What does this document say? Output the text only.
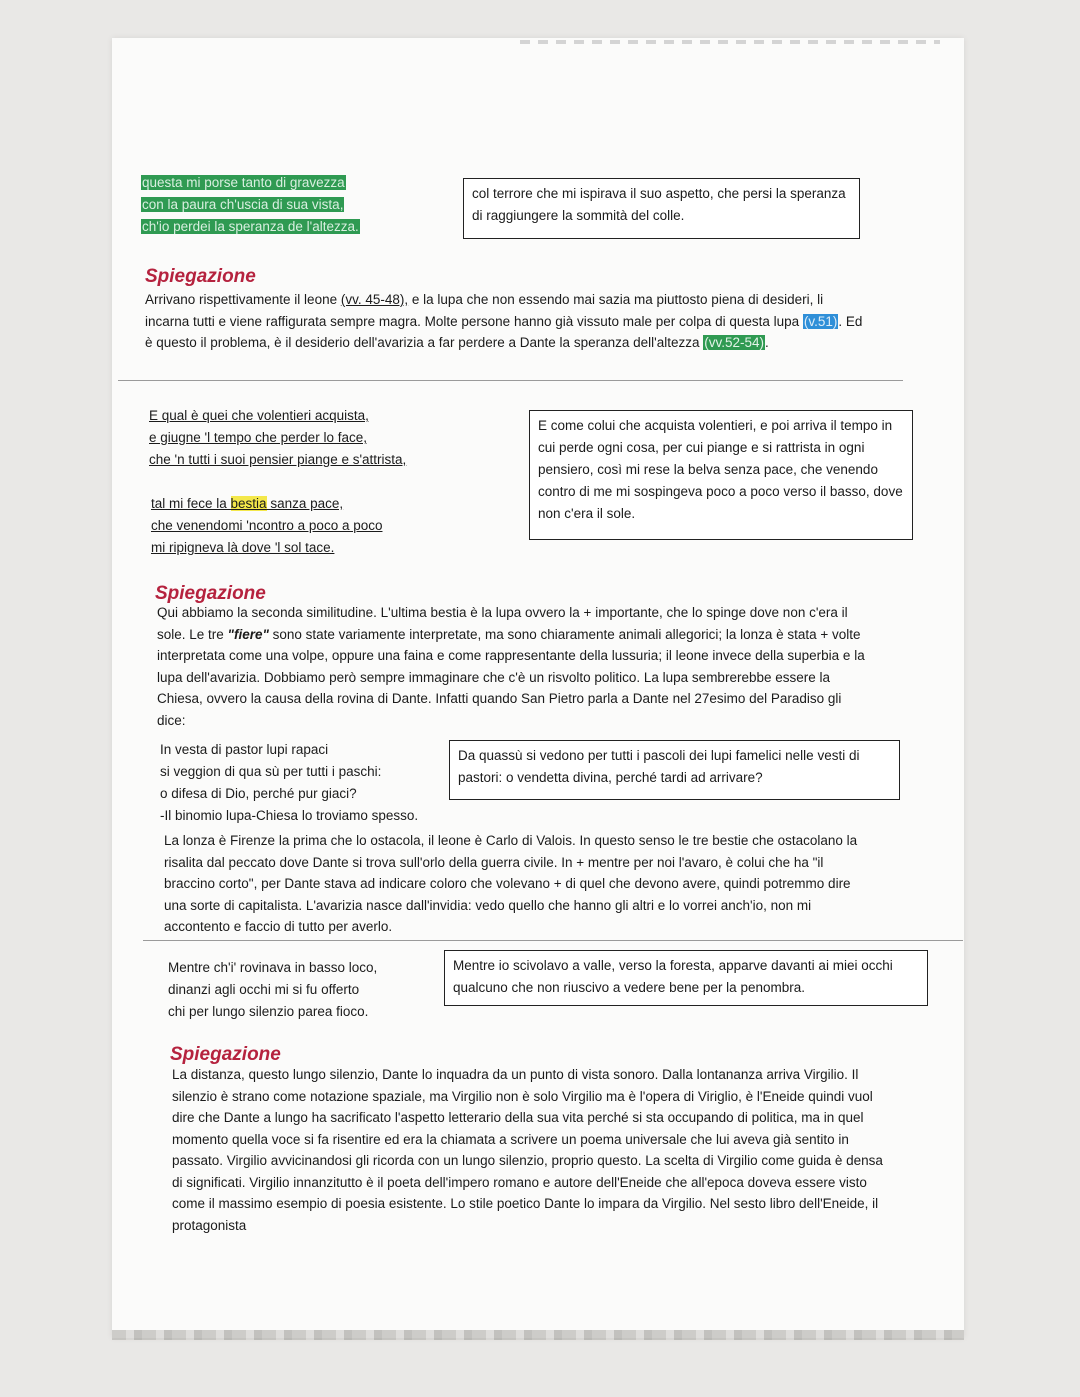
questa mi porse tanto di gravezza
con la paura ch'uscia di sua vista,
ch'io perdei la speranza de l'altezza.
col terrore che mi ispirava il suo aspetto, che persi la speranza di raggiungere la sommità del colle.
Spiegazione
Arrivano rispettivamente il leone (vv. 45-48), e la lupa che non essendo mai sazia ma piuttosto piena di desideri, li incarna tutti e viene raffigurata sempre magra. Molte persone hanno già vissuto male per colpa di questa lupa (v.51). Ed è questo il problema, è il desiderio dell'avarizia a far perdere a Dante la speranza dell'altezza (vv.52-54).
E qual è quei che volentieri acquista,
e giugne 'l tempo che perder lo face,
che 'n tutti i suoi pensier piange e s'attrista,
tal mi fece la bestia sanza pace,
che venendomi 'ncontro a poco a poco
mi ripigneva là dove 'l sol tace.
E come colui che acquista volentieri, e poi arriva il tempo in cui perde ogni cosa, per cui piange e si rattrista in ogni pensiero, così mi rese la belva senza pace, che venendo contro di me mi sospingeva poco a poco verso il basso, dove non c'era il sole.
Spiegazione
Qui abbiamo la seconda similitudine. L'ultima bestia è la lupa ovvero la + importante, che lo spinge dove non c'era il sole. Le tre "fiere" sono state variamente interpretate, ma sono chiaramente animali allegorici; la lonza è stata + volte interpretata come una volpe, oppure una faina e come rappresentante della lussuria; il leone invece della superbia e la lupa dell'avarizia. Dobbiamo però sempre immaginare che c'è un risvolto politico. La lupa sembrerebbe essere la Chiesa, ovvero la causa della rovina di Dante. Infatti quando San Pietro parla a Dante nel 27esimo del Paradiso gli dice:
In vesta di pastor lupi rapaci
si veggion di qua sù per tutti i paschi:
o difesa di Dio, perché pur giaci?
-Il binomio lupa-Chiesa lo troviamo spesso.
Da quassù si vedono per tutti i pascoli dei lupi famelici nelle vesti di pastori: o vendetta divina, perché tardi ad arrivare?
La lonza è Firenze la prima che lo ostacola, il leone è Carlo di Valois. In questo senso le tre bestie che ostacolano la risalita dal peccato dove Dante si trova sull'orlo della guerra civile. In + mentre per noi l'avaro, è colui che ha "il braccino corto", per Dante stava ad indicare coloro che volevano + di quel che devono avere, quindi potremmo dire una sorte di capitalista. L'avarizia nasce dall'invidia: vedo quello che hanno gli altri e lo vorrei anch'io, non mi accontento e faccio di tutto per averlo.
Mentre ch'i' rovinava in basso loco,
dinanzi agli occhi mi si fu offerto
chi per lungo silenzio parea fioco.
Mentre io scivolavo a valle, verso la foresta, apparve davanti ai miei occhi qualcuno che non riuscivo a vedere bene per la penombra.
Spiegazione
La distanza, questo lungo silenzio, Dante lo inquadra da un punto di vista sonoro. Dalla lontananza arriva Virgilio. Il silenzio è strano come notazione spaziale, ma Virgilio non è solo Virgilio ma è l'opera di Viriglio, è l'Eneide quindi vuol dire che Dante a lungo ha sacrificato l'aspetto letterario della sua vita perché si sta occupando di politica, ma in quel momento quella voce si fa risentire ed era la chiamata a scrivere un poema universale che lui aveva già sentito in passato. Virgilio avvicinandosi gli ricorda con un lungo silenzio, proprio questo. La scelta di Virgilio come guida è densa di significati. Virgilio innanzitutto è il poeta dell'impero romano e autore dell'Eneide che all'epoca doveva essere visto come il massimo esempio di poesia esistente. Lo stile poetico Dante lo impara da Virgilio. Nel sesto libro dell'Eneide, il protagonista
